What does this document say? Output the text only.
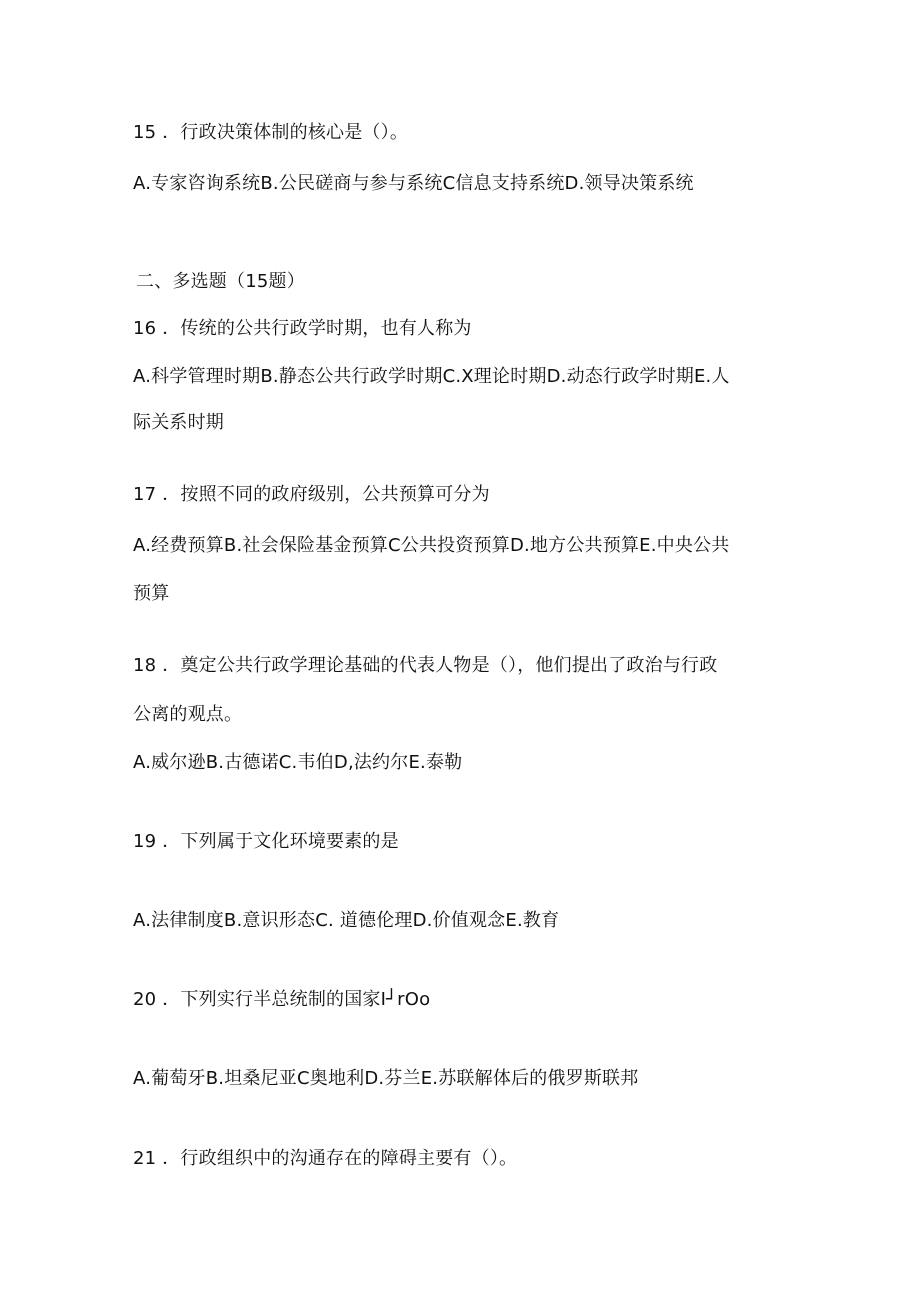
15 ．行政决策体制的核心是（）。
A.专家咨询系统B.公民磋商与参与系统C信息支持系统D.领导决策系统
二、多选题（15题）
16 ．传统的公共行政学时期，也有人称为
A.科学管理时期B.静态公共行政学时期C.X理论时期D.动态行政学时期E.人
际关系时期
17 ．按照不同的政府级别，公共预算可分为
A.经费预算B.社会保险基金预算C公共投资预算D.地方公共预算E.中央公共
预算
18 ．奠定公共行政学理论基础的代表人物是（），他们提出了政治与行政
公离的观点。
A.威尔逊B.古德诺C.韦伯D,法约尔E.泰勒
19 ．下列属于文化环境要素的是
A.法律制度B.意识形态C. 道德伦理D.价值观念E.教育
20 ．下列实行半总统制的国家I┘rOo
A.葡萄牙B.坦桑尼亚C奥地利D.芬兰E.苏联解体后的俄罗斯联邦
21 ．行政组织中的沟通存在的障碍主要有（）。
